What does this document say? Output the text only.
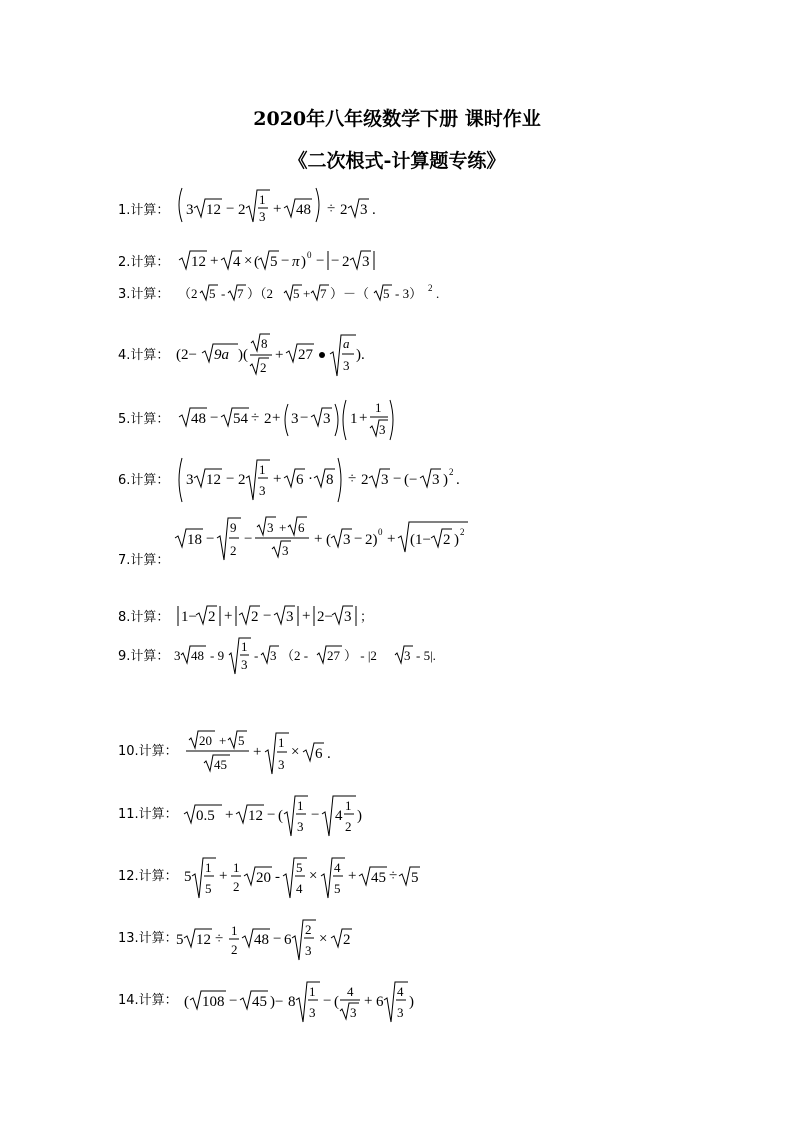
2020年八年级数学下册 课时作业
《二次根式-计算题专练》
1.计算： 3 12 − 2
1
3 + 48 ÷ 2 3 .
2.计算： 12 + 4 × ( 5 − π ) 0 − − 2 3
3.计算： （2 5 - 7 ）（2 5 + 7 ）－（ 5 - 3） 2 .
4.计算： (2− 9a )(
8
2
+ 27
a
3
).
5.计算： 48 − 54 ÷ 2 + 3 − 3 1 +
1
3
6.计算： 3 12 − 2
1
3
+ 6 · 8 ÷ 2 3 − (− 3 ) 2 .
7.计算：
18 −
9
2
−
3 + 6
3
+ ( 3 − 2) 0 + (1− 2 ) 2
8.计算： 1− 2 + 2 − 3 + 2− 3 ；
9.计算： 3 48 - 9
1
3
- 3 （2 - 27 ） - |2 3 - 5|.
10.计算：
20 + 5
45
+
1
3
× 6 .
11.计算： 0.5 + 12 − (
1
3
− 4
1
2
)
12.计算： 5
1
5
+
1
2
20 -
5
4
×
4
5
+ 45 ÷ 5
13.计算：
5 12 ÷
1
2
48 − 6
2
3
× 2
14.计算： ( 108 − 45 )− 8
1
3
− (
4
3
+ 6
4
3
)
